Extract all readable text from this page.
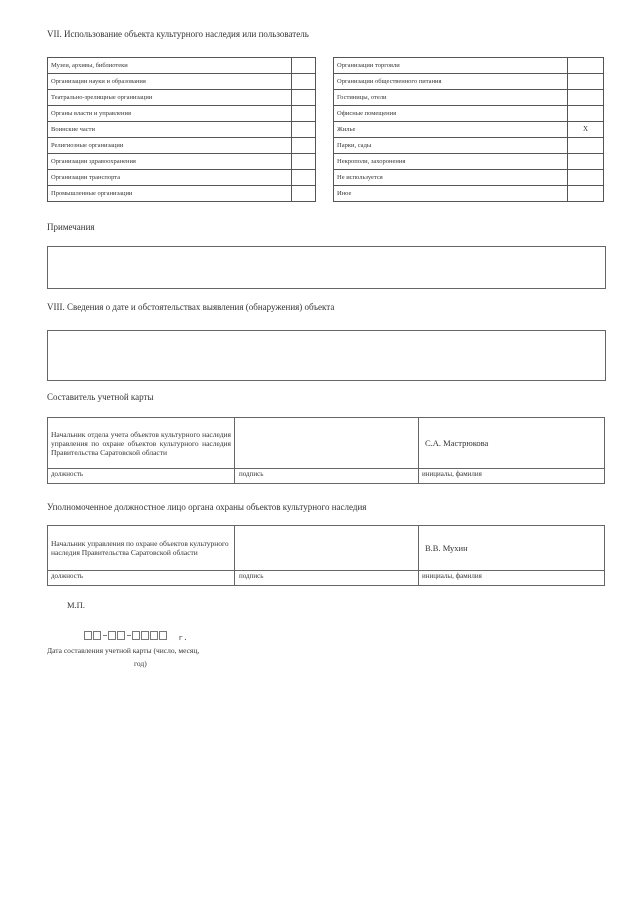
VII. Использование объекта культурного наследия или пользователь
Музеи, архивы, библиотеки	
Организации науки и образования	
Театрально-зрелищные организации	
Органы власти и управления	
Воинские части	
Религиозные организации	
Организации здравоохранения	
Организации транспорта	
Промышленные организации	
Организации торговли	
Организации общественного питания	
Гостиницы, отели	
Офисные помещения	
Жилье	Х
Парки, сады	
Некрополи, захоронения	
Не используется	
Иное	
Примечания
VIII. Сведения о дате и обстоятельствах выявления (обнаружения) объекта
Составитель учетной карты
Начальник отдела учета объектов культурного наследия управления по охране объектов культурного наследия Правительства Саратовской области		С.А. Мастрюкова
должность	подпись	инициалы, фамилия
Уполномоченное должностное лицо органа охраны объектов культурного наследия
Начальник управления по охране объектов культурного наследия Правительства Саратовской области		В.В. Мухин
должность	подпись	инициалы, фамилия
М.П.
г.
Дата составления учетной карты (число, месяц,
год)
